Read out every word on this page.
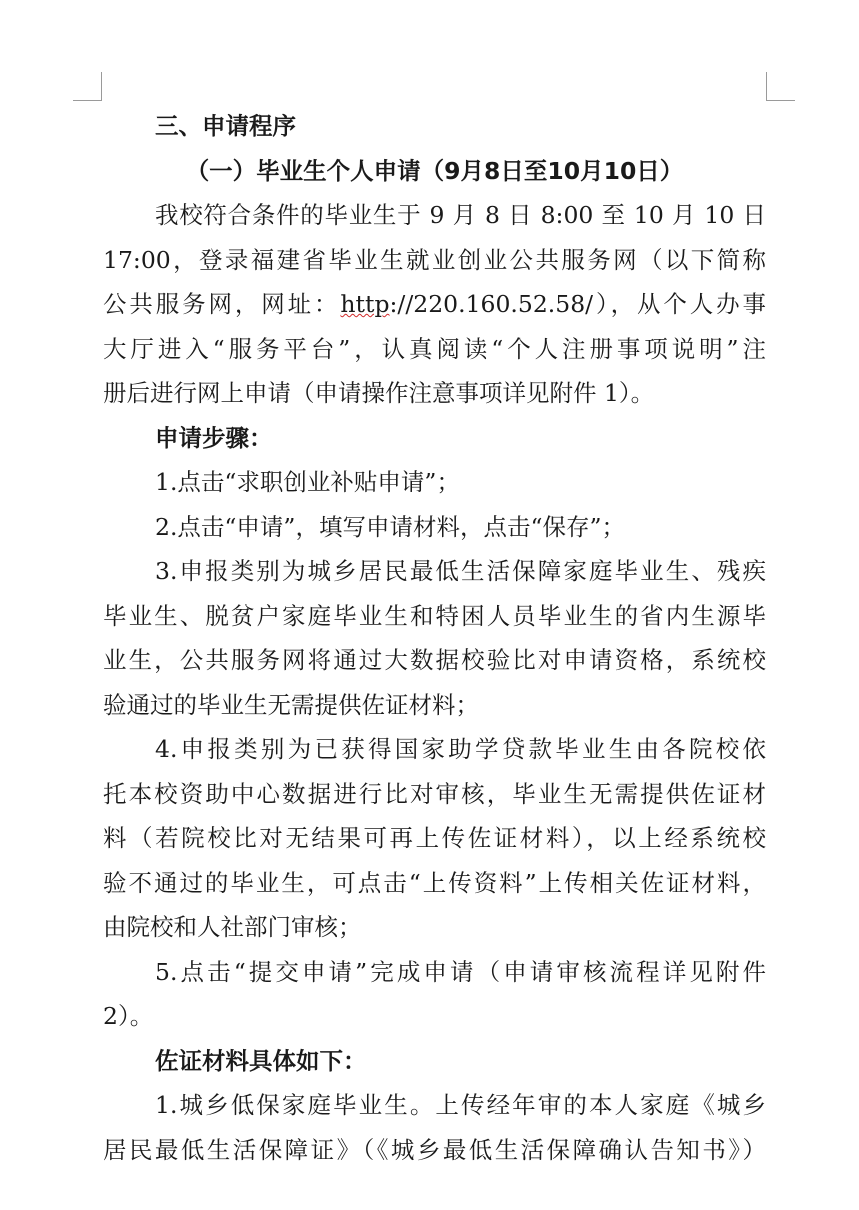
三、申请程序
（一）毕业生个人申请（9月8日至10月10日）
我校符合条件的毕业生于 9 月 8 日 8:00 至 10 月 10 日
17:00，登录福建省毕业生就业创业公共服务网（以下简称
公共服务网，网址：http://220.160.52.58/），从个人办事
大厅进入“服务平台”，认真阅读“个人注册事项说明”注
册后进行网上申请（申请操作注意事项详见附件 1）。
申请步骤：
1.点击“求职创业补贴申请”；
2.点击“申请”，填写申请材料，点击“保存”；
3.申报类别为城乡居民最低生活保障家庭毕业生、残疾
毕业生、脱贫户家庭毕业生和特困人员毕业生的省内生源毕
业生，公共服务网将通过大数据校验比对申请资格，系统校
验通过的毕业生无需提供佐证材料；
4.申报类别为已获得国家助学贷款毕业生由各院校依
托本校资助中心数据进行比对审核，毕业生无需提供佐证材
料（若院校比对无结果可再上传佐证材料），以上经系统校
验不通过的毕业生，可点击“上传资料”上传相关佐证材料，
由院校和人社部门审核；
5.点击“提交申请”完成申请（申请审核流程详见附件
2）。
佐证材料具体如下：
1.城乡低保家庭毕业生。上传经年审的本人家庭《城乡
居民最低生活保障证》（《城乡最低生活保障确认告知书》）
